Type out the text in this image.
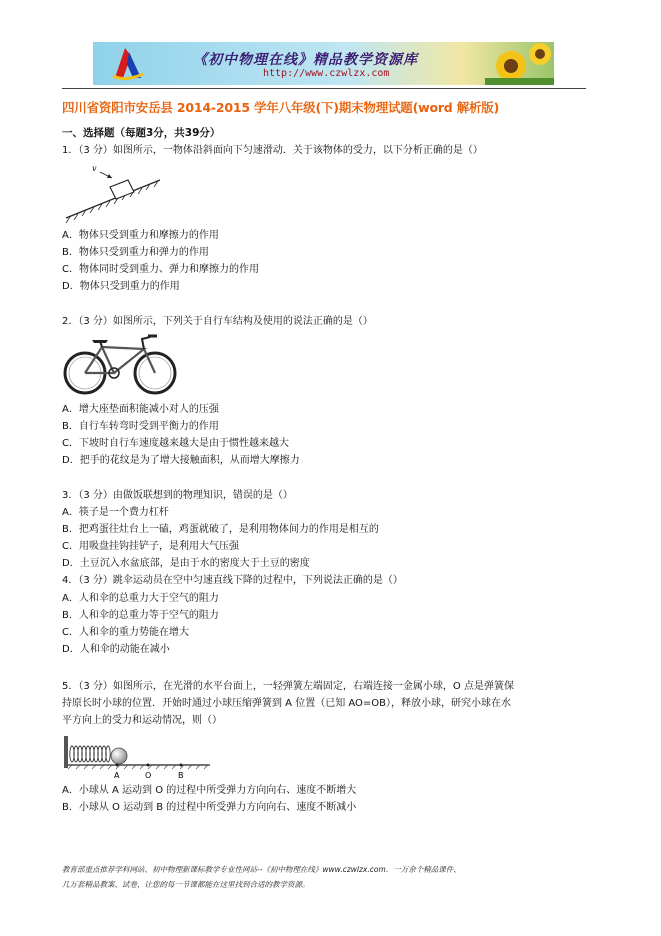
《初中物理在线》精品教学资源库
http://www.czwlzx.com
四川省资阳市安岳县 2014-2015 学年八年级(下)期末物理试题(word 解析版)
一、选择题（每题3分，共39分）
1．（3 分）如图所示，一物体沿斜面向下匀速滑动．关于该物体的受力，以下分析正确的是（）
v
A．物体只受到重力和摩擦力的作用
B．物体只受到重力和弹力的作用
C．物体同时受到重力、弹力和摩擦力的作用
D．物体只受到重力的作用
2．（3 分）如图所示，下列关于自行车结构及使用的说法正确的是（）
A．增大座垫面积能减小对人的压强
B．自行车转弯时受到平衡力的作用
C．下坡时自行车速度越来越大是由于惯性越来越大
D．把手的花纹是为了增大接触面积，从而增大摩擦力
3．（3 分）由做饭联想到的物理知识，错误的是（）
A．筷子是一个费力杠杆
B．把鸡蛋往灶台上一磕，鸡蛋就破了，是利用物体间力的作用是相互的
C．用吸盘挂钩挂铲子，是利用大气压强
D．土豆沉入水盆底部，是由于水的密度大于土豆的密度
4．（3 分）跳伞运动员在空中匀速直线下降的过程中，下列说法正确的是（）
A．人和伞的总重力大于空气的阻力
B．人和伞的总重力等于空气的阻力
C．人和伞的重力势能在增大
D．人和伞的动能在减小
5．（3 分）如图所示，在光滑的水平台面上，一轻弹簧左端固定，右端连接一金属小球，O 点是弹簧保
持原长时小球的位置．开始时通过小球压缩弹簧到 A 位置（已知 AO=OB），释放小球，研究小球在水
平方向上的受力和运动情况，则（）
A	O	B
A．小球从 A 运动到 O 的过程中所受弹力方向向右、速度不断增大
B．小球从 O 运动到 B 的过程中所受弹力方向向右、速度不断减小
教育部重点推荐学科网站、初中物理新课标教学专业性网站--《初中物理在线》www.czwlzx.com．一万余个精品课件、
几万套精品教案、试卷，让您的每一节课都能在这里找到合适的教学资源。
